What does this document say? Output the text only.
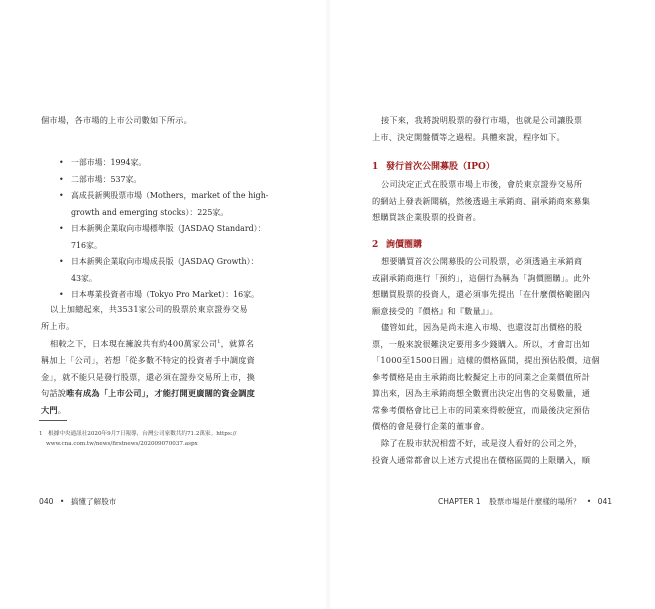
個市場，各市場的上市公司數如下所示。
• 一部市場：1994家。
• 二部市場：537家。
• 高成長新興股票市場（Mothers，market of the high-
growth and emerging stocks）：225家。
• 日本新興企業取向市場標準版（JASDAQ Standard）：
716家。
• 日本新興企業取向市場成長版（JASDAQ Growth）：
43家。
• 日本專業投資者市場（Tokyo Pro Market）：16家。
以上加總起來，共3531家公司的股票於東京證券交易
所上市。
相較之下，日本現在擁說共有約400萬家公司$^1$，就算名
稱加上「公司」，若想「從多數不特定的投資者手中調度資
金」，就不能只是發行股票，還必須在證券交易所上市，換
句話說唯有成為「上市公司」，才能打開更廣闊的資金調度
大門。
1　根據中央通訊社2020年9月7日報導，台灣公司家數共約71.2萬家。https://
www.cna.com.tw/news/firstnews/202009070037.aspx
040 • 搞懂了解股市
接下來，我將說明股票的發行市場，也就是公司讓股票
上市、決定開盤價等之過程。具體來說，程序如下。
1 發行首次公開募股（IPO）
公司決定正式在股票市場上市後，會於東京證券交易所
的網站上發表新聞稿，然後透過主承銷商、副承銷商來募集
想購買該企業股票的投資者。
2 詢價圈購
想要購買首次公開募股的公司股票，必須透過主承銷商
或副承銷商進行「預約」，這個行為稱為「詢價圈購」。此外
想購買股票的投資人，還必須事先提出「在什麼價格範圍內
願意接受的『價格』和『數量』」。
儘管如此，因為是尚未進入市場、也還沒訂出價格的股
票，一般來說很難決定要用多少錢購入。所以，才會訂出如
「1000至1500日圓」這樣的價格區間，提出預估股價，這個
參考價格是由主承銷商比較擬定上市的同業之企業價值所計
算出來，因為主承銷商想全數賣出決定出售的交易數量，通
常參考價格會比已上市的同業來得較便宜，而最後決定預估
價格的會是發行企業的董事會。
除了在股市狀況相當不好，或是沒人看好的公司之外，
投資人通常都會以上述方式提出在價格區間的上限購入，順
CHAPTER 1 股票市場是什麼樣的場所？ • 041
